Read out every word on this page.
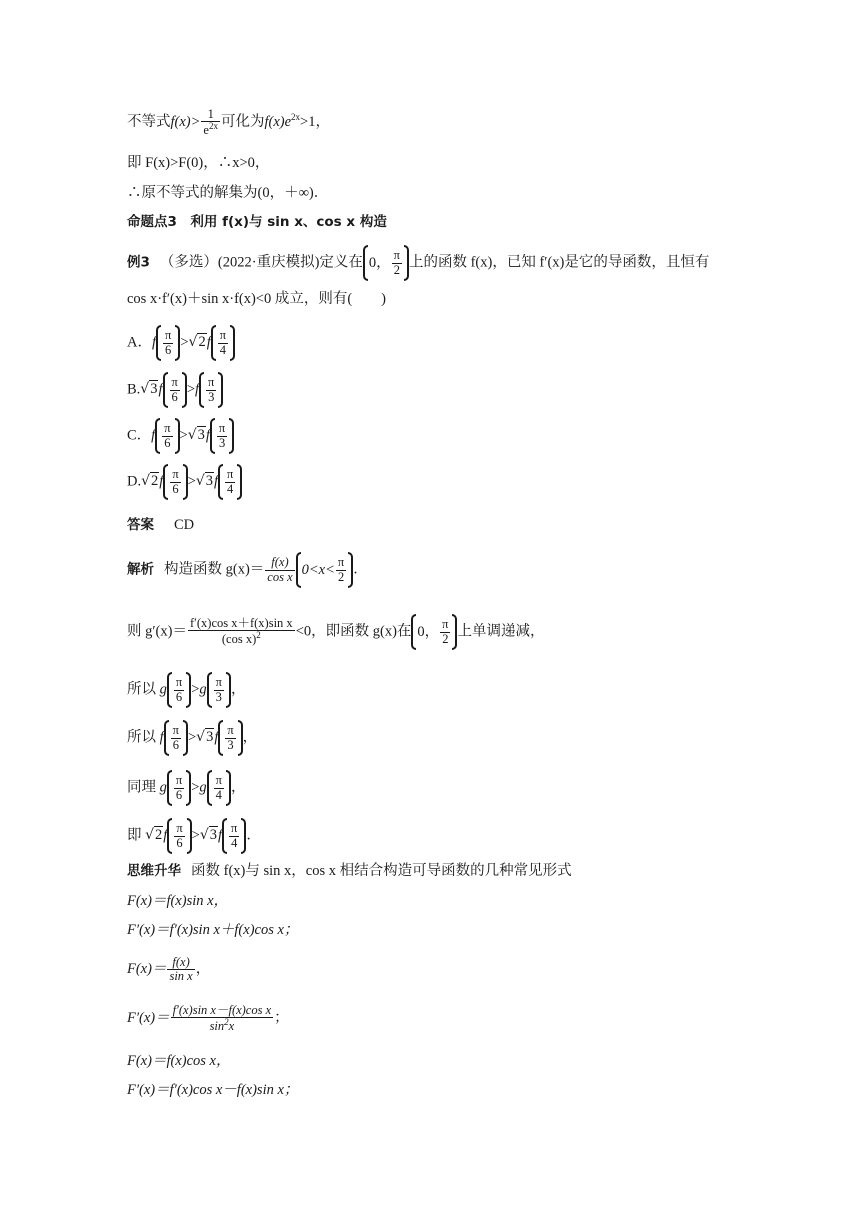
不等式$f(x)> \frac{1}{e^{2x}}$ 可化为$f(x)e^{2x}>1$，
即 F(x)>F(0)，∴x>0，
∴原不等式的解集为(0，＋∞)．
命题点3　利用 f(x)与 sin x、cos x 构造
例3 （多选）(2022·重庆模拟)定义在 0， $\frac{\pi}{2}$ 上的函数 f(x)，已知 f′(x)是它的导函数，且恒有
cos x·f′(x)＋sin x·f(x)<0 成立，则有(　　)
A．f $\frac{\pi}{6} >√2f \frac{\pi}{4}$
$B.√3f \frac{\pi}{6} >f \frac{\pi}{3}$
C．f $\frac{\pi}{6} >√3f \frac{\pi}{3}$
$D.√2f \frac{\pi}{6} >√3f \frac{\pi}{4}$
答案 CD
解析 构造函数 $g(x)= \frac{f(x)}{\text{cos x}} 0<x< \frac{\pi}{2}$ ．
则 $g'(x)= \frac{\text{f′(x)cos x＋f(x)sin x}}{(\cos x)^2} <0$，即函数 g(x)在 0， $\frac{\pi}{2}$ 上单调递减，
所以 g $\frac{\pi}{6} >g \frac{\pi}{3}$ ，
所以 f $\frac{\pi}{6} >√3f \frac{\pi}{3}$ ，
同理 g $\frac{\pi}{6} >g \frac{\pi}{4}$ ，
即 $√2f \frac{\pi}{6} >√3f \frac{\pi}{4}$ ．
思维升华 函数 f(x)与 sin x，cos x 相结合构造可导函数的几种常见形式
F(x)＝f(x)sin x，
F′(x)＝f′(x)sin x＋f(x)cos x；
$F(x)= \frac{f(x)}{\text{sin x}}$ ，
$F'(x)= \frac{\text{f′(x)sin x－f(x)cos x}}{\sin^2x}$ ；
F(x)＝f(x)cos x，
F′(x)＝f′(x)cos x－f(x)sin x；
